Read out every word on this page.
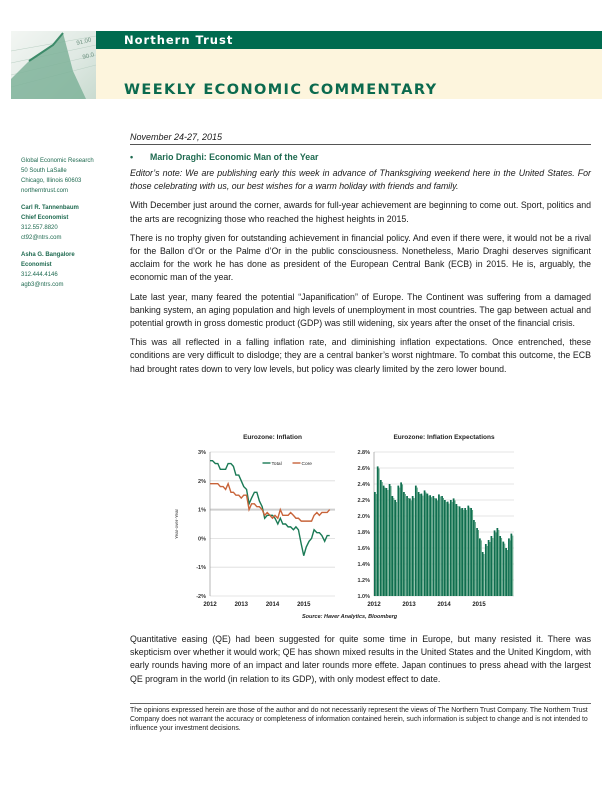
91.00
90.0
Northern Trust
WEEKLY ECONOMIC COMMENTARY
Global Economic Research
50 South LaSalle
Chicago, Illinois 60603
northerntrust.com
Carl R. Tannenbaum
Chief Economist
312.557.8820
ct92@ntrs.com
Asha G. Bangalore
Economist
312.444.4146
agb3@ntrs.com
November 24-27, 2015
•	Mario Draghi: Economic Man of the Year

Editor’s note: We are publishing early this week in advance of Thanksgiving weekend here in the United States. For those celebrating with us, our best wishes for a warm holiday with friends and family.

With December just around the corner, awards for full-year achievement are beginning to come out. Sport, politics and the arts are recognizing those who reached the highest heights in 2015.

There is no trophy given for outstanding achievement in financial policy. And even if there were, it would not be a rival for the Ballon d’Or or the Palme d’Or in the public consciousness. Nonetheless, Mario Draghi deserves significant acclaim for the work he has done as president of the European Central Bank (ECB) in 2015. He is, arguably, the economic man of the year.

Late last year, many feared the potential “Japanification” of Europe. The Continent was suffering from a damaged banking system, an aging population and high levels of unemployment in most countries. The gap between actual and potential growth in gross domestic product (GDP) was still widening, six years after the onset of the financial crisis.

This was all reflected in a falling inflation rate, and diminishing inflation expectations. Once entrenched, these conditions are very difficult to dislodge; they are a central banker’s worst nightmare. To combat this outcome, the ECB had brought rates down to very low levels, but policy was clearly limited by the zero lower bound.

Eurozone: Inflation
3%
2%
1%
0%
-1%
-2%
2012	2013	2014	2015
Year-over-Year
Total	Core
Eurozone: Inflation Expectations
2.8%
2.6%
2.4%
2.2%
2.0%
1.8%
1.6%
1.4%
1.2%
1.0%
2012	2013	2014	2015
Source: Haver Analytics, Bloomberg

Quantitative easing (QE) had been suggested for quite some time in Europe, but many resisted it. There was skepticism over whether it would work; QE has shown mixed results in the United States and the United Kingdom, with early rounds having more of an impact and later rounds more effete. Japan continues to press ahead with the largest QE program in the world (in relation to its GDP), with only modest effect to date.

The opinions expressed herein are those of the author and do not necessarily represent the views of The Northern Trust Company. The Northern Trust Company does not warrant the accuracy or completeness of information contained herein, such information is subject to change and is not intended to influence your investment decisions.
